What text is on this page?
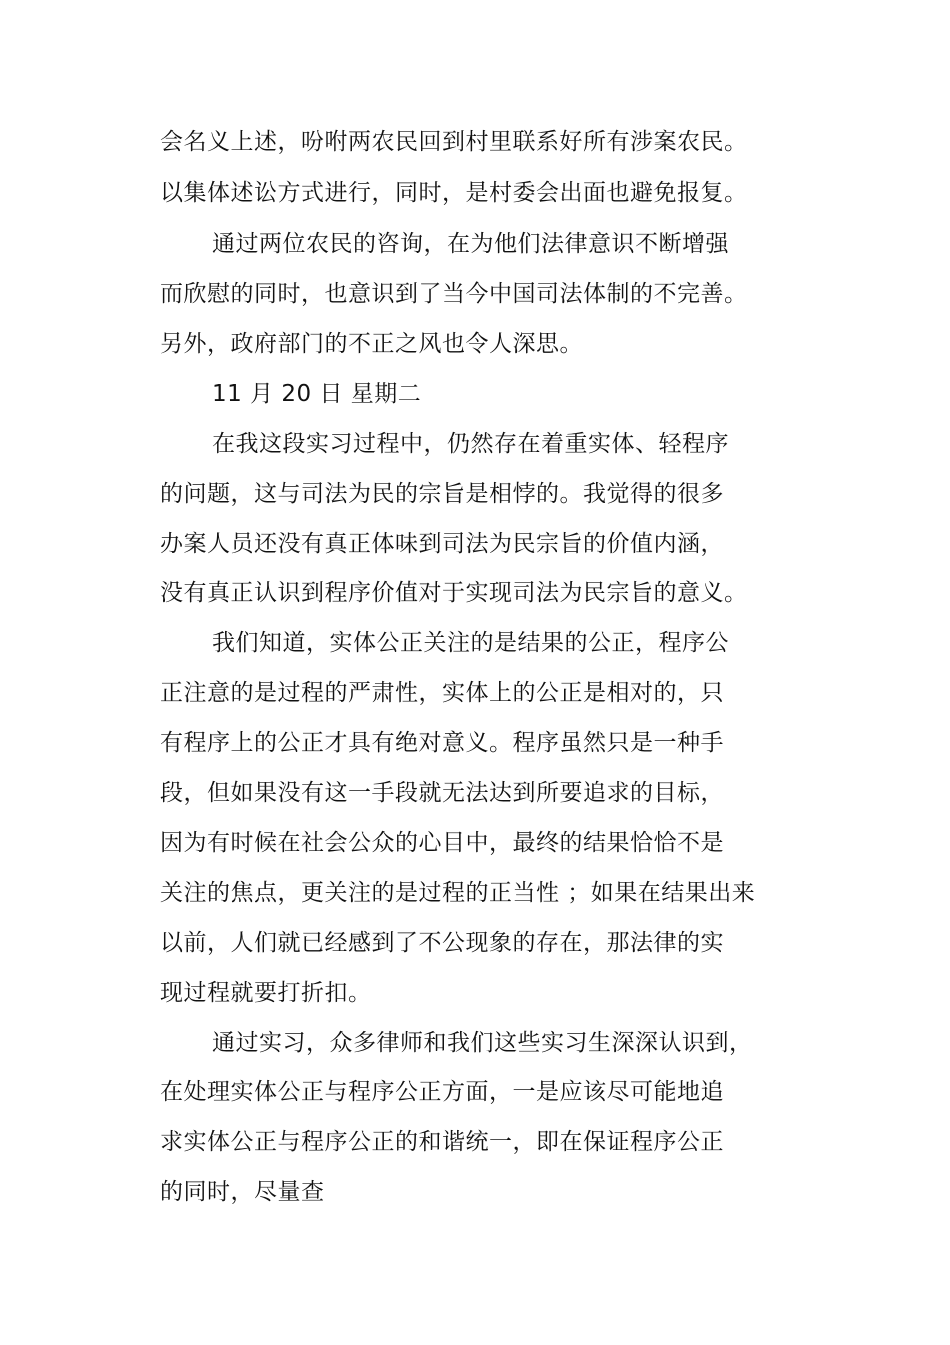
会名义上述，吩咐两农民回到村里联系好所有涉案农民。
以集体述讼方式进行，同时，是村委会出面也避免报复。
通过两位农民的咨询，在为他们法律意识不断增强
而欣慰的同时，也意识到了当今中国司法体制的不完善。
另外，政府部门的不正之风也令人深思。
11 月 20 日 星期二
在我这段实习过程中，仍然存在着重实体、轻程序
的问题，这与司法为民的宗旨是相悖的。我觉得的很多
办案人员还没有真正体味到司法为民宗旨的价值内涵，
没有真正认识到程序价值对于实现司法为民宗旨的意义。
我们知道，实体公正关注的是结果的公正，程序公
正注意的是过程的严肃性，实体上的公正是相对的，只
有程序上的公正才具有绝对意义。程序虽然只是一种手
段，但如果没有这一手段就无法达到所要追求的目标，
因为有时候在社会公众的心目中，最终的结果恰恰不是
关注的焦点，更关注的是过程的正当性 ；如果在结果出来
以前，人们就已经感到了不公现象的存在，那法律的实
现过程就要打折扣。
通过实习，众多律师和我们这些实习生深深认识到，
在处理实体公正与程序公正方面，一是应该尽可能地追
求实体公正与程序公正的和谐统一，即在保证程序公正
的同时，尽量查
